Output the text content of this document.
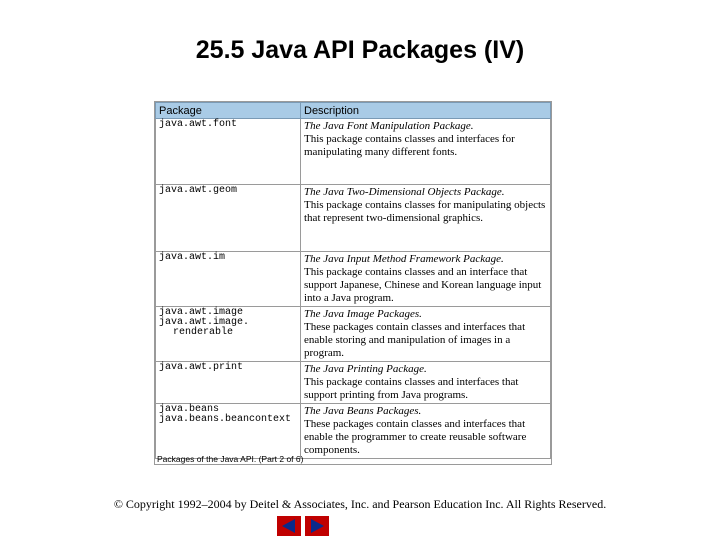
25.5 Java API Packages (IV)
Package	Description

java.awt.font	The Java Font Manipulation Package.
This package contains classes and interfaces for manipulating many different fonts.

java.awt.geom	The Java Two-Dimensional Objects Package.
This package contains classes for manipulating objects that represent two-dimensional graphics.

java.awt.im	The Java Input Method Framework Package.
This package contains classes and an interface that support Japanese, Chinese and Korean language input into a Java program.

java.awt.image
java.awt.image.
renderable	The Java Image Packages.
These packages contain classes and interfaces that enable storing and manipulation of images in a program.

java.awt.print	The Java Printing Package.
This package contains classes and interfaces that support printing from Java programs.

java.beans
java.beans.beancontext	The Java Beans Packages.
These packages contain classes and interfaces that enable the programmer to create reusable software components.
Packages of the Java API. (Part 2 of 6)
© Copyright 1992–2004 by Deitel & Associates, Inc. and Pearson Education Inc. All Rights Reserved.
